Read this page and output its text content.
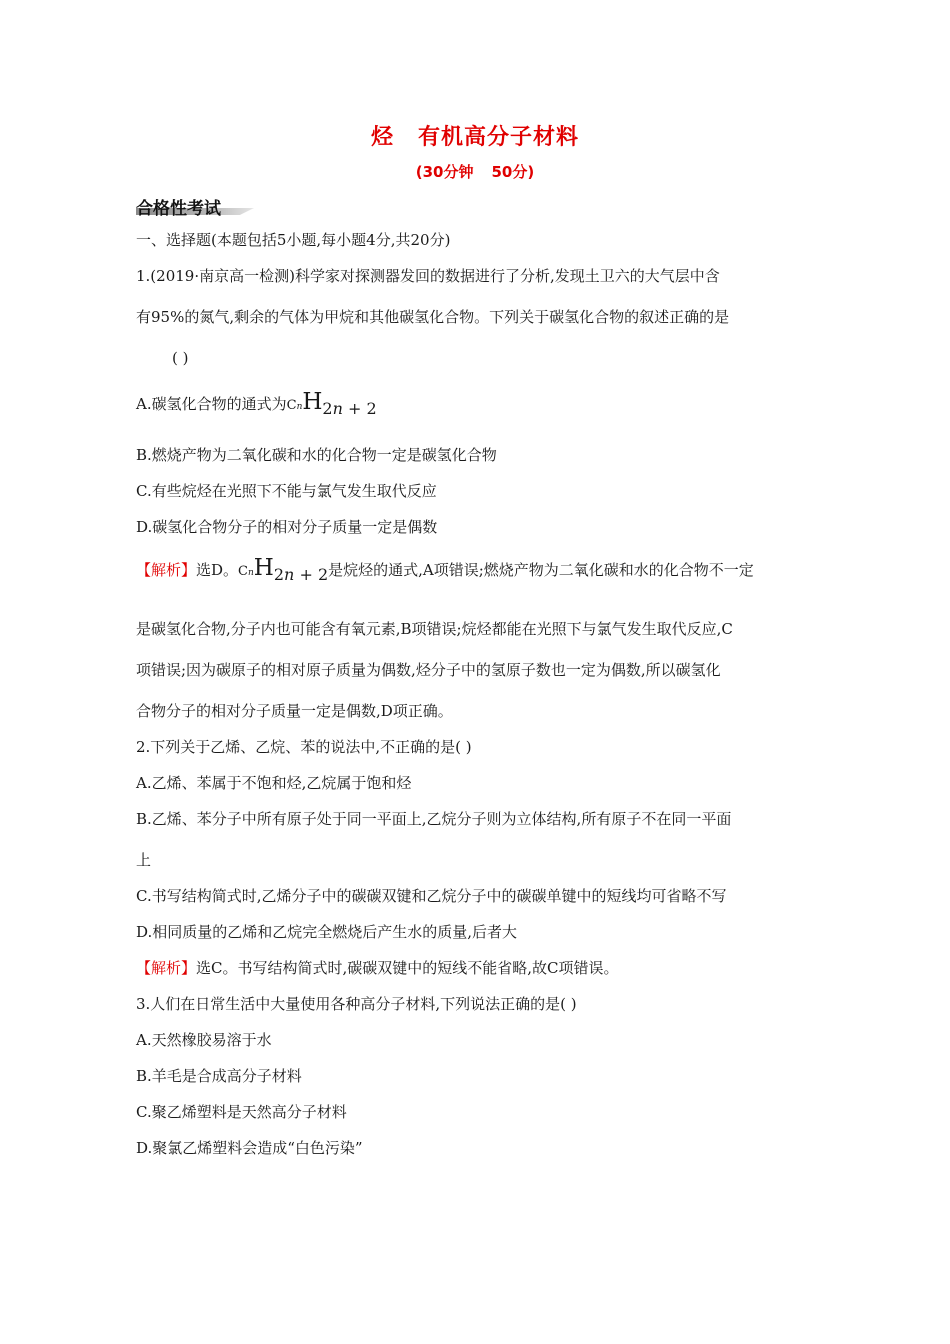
烃 有机高分子材料
(30分钟 50分)
合格性考试
一、选择题(本题包括5小题,每小题4分,共20分)
1.(2019·南京高一检测)科学家对探测器发回的数据进行了分析,发现土卫六的大气层中含
有95%的氮气,剩余的气体为甲烷和其他碳氢化合物。下列关于碳氢化合物的叙述正确的是
( )
A.碳氢化合物的通式为CnH2n + 2
B.燃烧产物为二氧化碳和水的化合物一定是碳氢化合物
C.有些烷烃在光照下不能与氯气发生取代反应
D.碳氢化合物分子的相对分子质量一定是偶数
【解析】选D。CnH2n + 2是烷烃的通式,A项错误;燃烧产物为二氧化碳和水的化合物不一定
是碳氢化合物,分子内也可能含有氧元素,B项错误;烷烃都能在光照下与氯气发生取代反应,C
项错误;因为碳原子的相对原子质量为偶数,烃分子中的氢原子数也一定为偶数,所以碳氢化
合物分子的相对分子质量一定是偶数,D项正确。
2.下列关于乙烯、乙烷、苯的说法中,不正确的是( )
A.乙烯、苯属于不饱和烃,乙烷属于饱和烃
B.乙烯、苯分子中所有原子处于同一平面上,乙烷分子则为立体结构,所有原子不在同一平面
上
C.书写结构简式时,乙烯分子中的碳碳双键和乙烷分子中的碳碳单键中的短线均可省略不写
D.相同质量的乙烯和乙烷完全燃烧后产生水的质量,后者大
【解析】选C。书写结构简式时,碳碳双键中的短线不能省略,故C项错误。
3.人们在日常生活中大量使用各种高分子材料,下列说法正确的是( )
A.天然橡胶易溶于水
B.羊毛是合成高分子材料
C.聚乙烯塑料是天然高分子材料
D.聚氯乙烯塑料会造成“白色污染”
